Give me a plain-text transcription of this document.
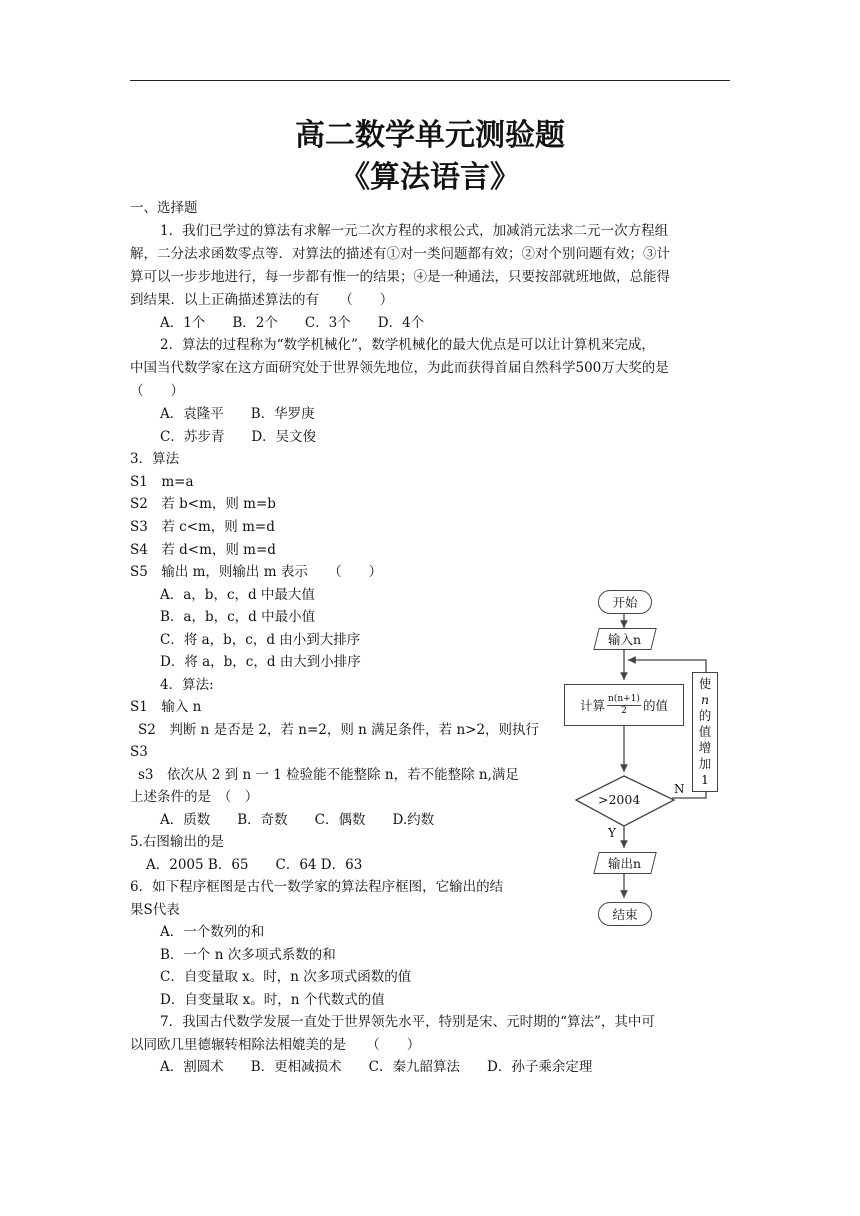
高二数学单元测验题
《算法语言》
一、选择题
1．我们已学过的算法有求解一元二次方程的求根公式，加减消元法求二元一次方程组
解，二分法求函数零点等．对算法的描述有①对一类问题都有效；②对个别问题有效；③计
算可以一步步地进行，每一步都有惟一的结果；④是一种通法，只要按部就班地做，总能得
到结果．以上正确描述算法的有　　（　　）
A．1个　　B．2个　　C．3个　　D．4个
2．算法的过程称为“数学机械化”，数学机械化的最大优点是可以让计算机来完成，
中国当代数学家在这方面研究处于世界领先地位，为此而获得首届自然科学500万大奖的是
（　　）
A．袁隆平　　B．华罗庚
C．苏步青　　D．吴文俊
3．算法
S1　m=a
S2　若 b<m，则 m=b
S3　若 c<m，则 m=d
S4　若 d<m，则 m=d
S5　输出 m，则输出 m 表示　　（　　）
A．a，b，c，d 中最大值
B．a，b，c，d 中最小值
C．将 a，b，c，d 由小到大排序
D．将 a，b，c，d 由大到小排序
4．算法:
S1　输入 n
S2　判断 n 是否是 2，若 n=2，则 n 满足条件，若 n>2，则执行
S3
s3　依次从 2 到 n 一 1 检验能不能整除 n，若不能整除 n,满足
上述条件的是　（　）
A．质数　　B．奇数　　C．偶数　　D.约数
5.右图输出的是
A．2005 B．65　　C．64 D．63
6．如下程序框图是古代一数学家的算法程序框图，它输出的结
果S代表
A．一个数列的和
B．一个 n 次多项式系数的和
C．自变量取 x。时，n 次多项式函数的值
D．自变量取 x。时，n 个代数式的值
7．我国古代数学发展一直处于世界领先水平，特别是宋、元时期的“算法”，其中可
以同欧几里德辗转相除法相媲美的是　　（　　）
A．割圆术　　B．更相减损术　　C．秦九韶算法　　D．孙子乘余定理
开始
输入n
计算 $\frac{n(n+1)}{2}$ 的值
使
n
的
值
增
加
1
>2004
N
Y
输出n
结束
